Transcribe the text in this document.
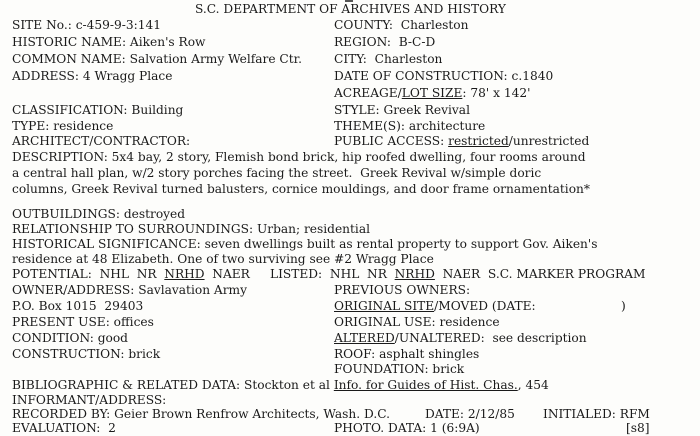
S.C. DEPARTMENT OF ARCHIVES AND HISTORY
SITE No.: c-459-9-3:141	COUNTY:  Charleston
HISTORIC NAME: Aiken's Row	REGION:  B-C-D
COMMON NAME: Salvation Army Welfare Ctr.	CITY:  Charleston
ADDRESS: 4 Wragg Place	DATE OF CONSTRUCTION: c.1840
ACREAGE/LOT SIZE: 78' x 142'
CLASSIFICATION: Building	STYLE: Greek Revival
TYPE: residence	THEME(S): architecture
ARCHITECT/CONTRACTOR:	PUBLIC ACCESS: restricted/unrestricted
DESCRIPTION: 5x4 bay, 2 story, Flemish bond brick, hip roofed dwelling, four rooms around
a central hall plan, w/2 story porches facing the street.  Greek Revival w/simple doric
columns, Greek Revival turned balusters, cornice mouldings, and door frame ornamentation*
OUTBUILDINGS: destroyed
RELATIONSHIP TO SURROUNDINGS: Urban; residential
HISTORICAL SIGNIFICANCE: seven dwellings built as rental property to support Gov. Aiken's
residence at 48 Elizabeth. One of two surviving see #2 Wragg Place
POTENTIAL:  NHL  NR  NRHD  NAER LISTED:  NHL  NR  NRHD  NAER  S.C. MARKER PROGRAM
OWNER/ADDRESS: Savlavation Army	PREVIOUS OWNERS:
P.O. Box 1015  29403	ORIGINAL SITE/MOVED (DATE:	)
PRESENT USE: offices	ORIGINAL USE: residence
CONDITION: good	ALTERED/UNALTERED:  see description
CONSTRUCTION: brick	ROOF: asphalt shingles
FOUNDATION: brick
BIBLIOGRAPHIC & RELATED DATA: Stockton et al Info. for Guides of Hist. Chas., 454
INFORMANT/ADDRESS:
RECORDED BY: Geier Brown Renfrow Architects, Wash. D.C.	DATE: 2/12/85 INITIALED: RFM
EVALUATION:  2	PHOTO. DATA: 1 (6:9A)	[s8]
